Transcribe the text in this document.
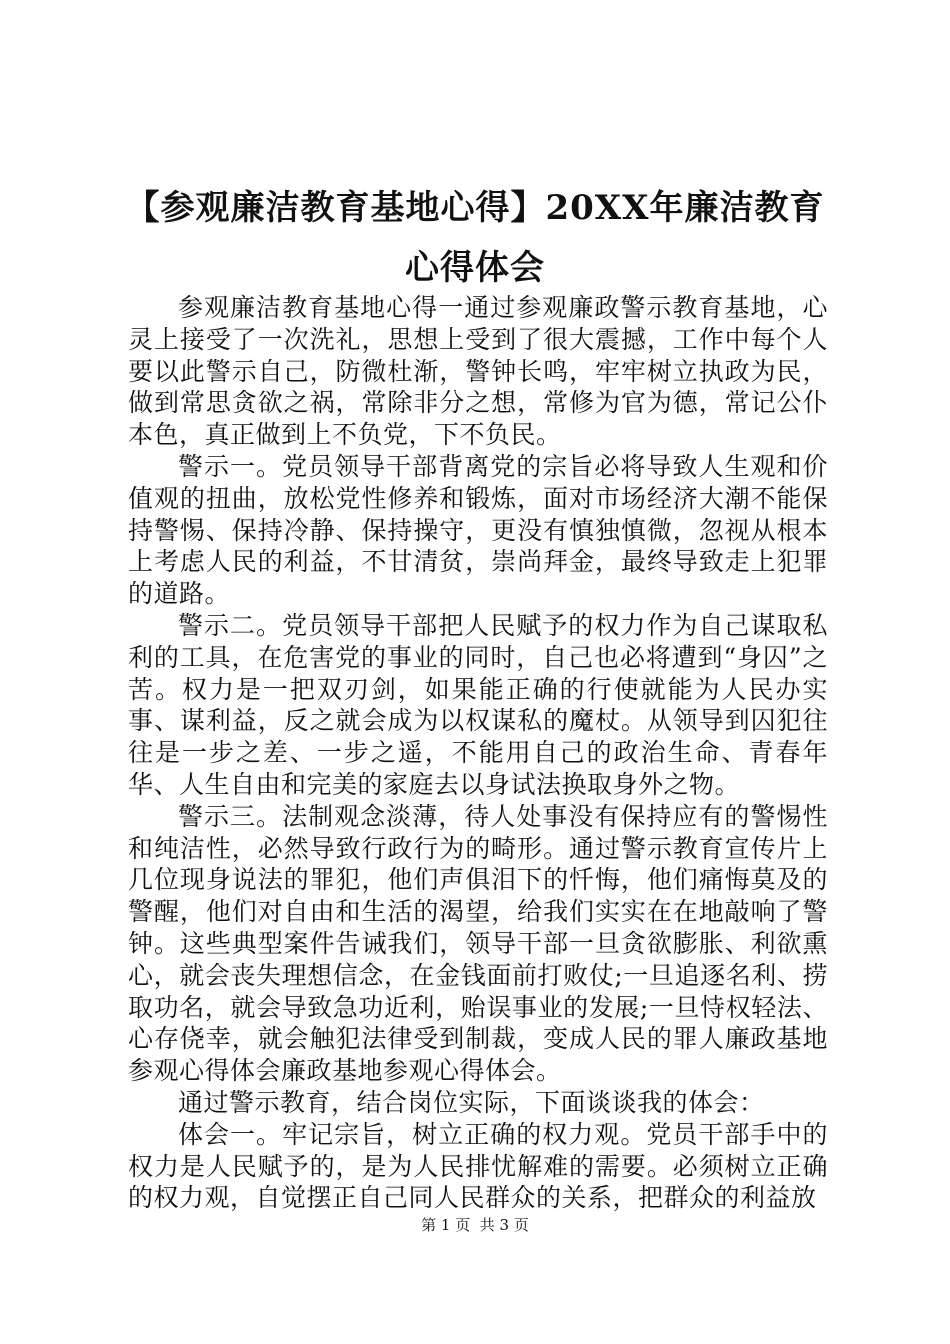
【参观廉洁教育基地心得】20XX年廉洁教育
心得体会

参观廉洁教育基地心得一通过参观廉政警示教育基地，心灵上接受了一次洗礼，思想上受到了很大震撼，工作中每个人要以此警示自己，防微杜渐，警钟长鸣，牢牢树立执政为民，做到常思贪欲之祸，常除非分之想，常修为官为德，常记公仆本色，真正做到上不负党，下不负民。

警示一。党员领导干部背离党的宗旨必将导致人生观和价值观的扭曲，放松党性修养和锻炼，面对市场经济大潮不能保持警惕、保持冷静、保持操守，更没有慎独慎微，忽视从根本上考虑人民的利益，不甘清贫，崇尚拜金，最终导致走上犯罪的道路。

警示二。党员领导干部把人民赋予的权力作为自己谋取私利的工具，在危害党的事业的同时，自己也必将遭到“身囚”之苦。权力是一把双刃剑，如果能正确的行使就能为人民办实事、谋利益，反之就会成为以权谋私的魔杖。从领导到囚犯往往是一步之差、一步之遥，不能用自己的政治生命、青春年华、人生自由和完美的家庭去以身试法换取身外之物。

警示三。法制观念淡薄，待人处事没有保持应有的警惕性和纯洁性，必然导致行政行为的畸形。通过警示教育宣传片上几位现身说法的罪犯，他们声俱泪下的忏悔，他们痛悔莫及的警醒，他们对自由和生活的渴望，给我们实实在在地敲响了警钟。这些典型案件告诫我们，领导干部一旦贪欲膨胀、利欲熏心，就会丧失理想信念，在金钱面前打败仗;一旦追逐名利、捞取功名，就会导致急功近利，贻误事业的发展;一旦恃权轻法、心存侥幸，就会触犯法律受到制裁，变成人民的罪人廉政基地参观心得体会廉政基地参观心得体会。

通过警示教育，结合岗位实际，下面谈谈我的体会：

体会一。牢记宗旨，树立正确的权力观。党员干部手中的权力是人民赋予的，是为人民排忧解难的需要。必须树立正确的权力观，自觉摆正自己同人民群众的关系，把群众的利益放

第 1 页  共 3 页
